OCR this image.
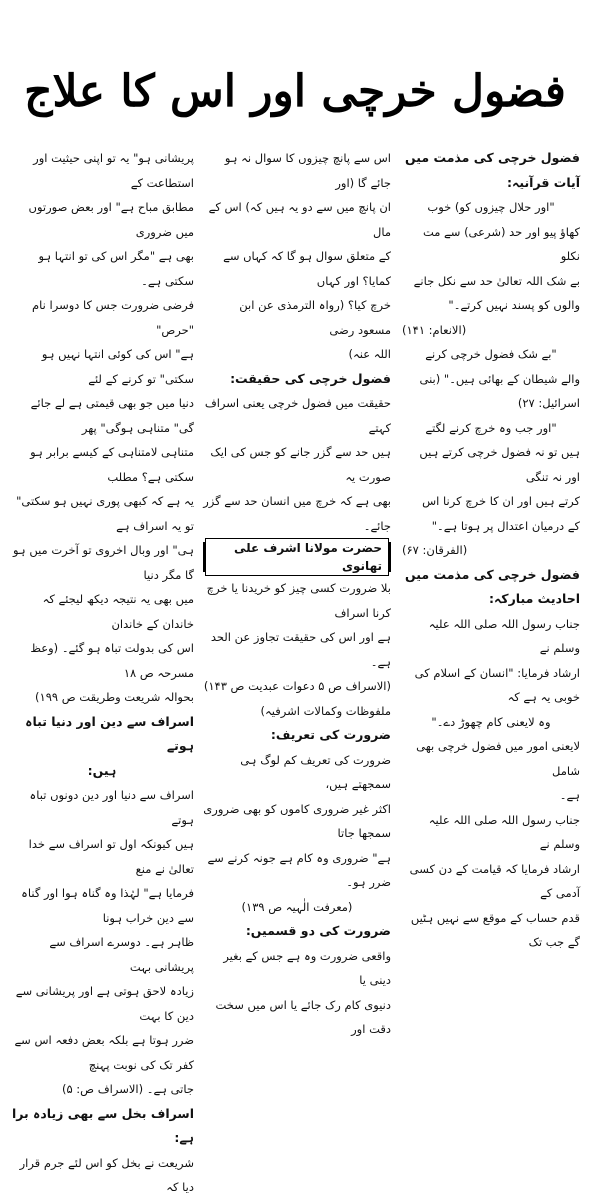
فضول خرچی اور اس کا علاج

فضول خرچی کی مذمت میں آیات قرآنیہ:

"اور حلال چیزوں کو) خوب

کھاؤ پیو اور حد (شرعی) سے مت نکلو

بے شک اللہ تعالیٰ حد سے نکل جانے

والوں کو پسند نہیں کرتے۔"

(الانعام: ۱۴۱)

"بے شک فضول خرچی کرنے

والے شیطان کے بھائی ہیں۔" (بنی

اسرائیل: ۲۷)

"اور جب وہ خرچ کرنے لگتے

ہیں تو نہ فضول خرچی کرتے ہیں اور نہ تنگی

کرتے ہیں اور ان کا خرچ کرنا اس

کے درمیان اعتدال پر ہوتا ہے۔"

(الفرقان: ۶۷)

فضول خرچی کی مذمت میں احادیث مبارکہ:

جناب رسول اللہ صلی اللہ علیہ وسلم نے

ارشاد فرمایا: "انسان کے اسلام کی خوبی یہ ہے کہ

وہ لایعنی کام چھوڑ دے۔"

لایعنی امور میں فضول خرچی بھی شامل

ہے۔

جناب رسول اللہ صلی اللہ علیہ وسلم نے

ارشاد فرمایا کہ قیامت کے دن کسی آدمی کے

قدم حساب کے موقع سے نہیں ہٹیں گے جب تک

اس سے پانچ چیزوں کا سوال نہ ہو جائے گا (اور

ان پانچ میں سے دو یہ ہیں کہ) اس کے مال

کے متعلق سوال ہو گا کہ کہاں سے کمایا؟ اور کہاں

خرچ کیا؟ (رواہ الترمذی عن ابن مسعود رضی

اللہ عنہ)

فضول خرچی کی حقیقت:

حقیقت میں فضول خرچی یعنی اسراف کہتے

ہیں حد سے گزر جانے کو جس کی ایک صورت یہ

بھی ہے کہ خرچ میں انسان حد سے گزر جائے۔

حضرت مولانا اشرف علی تھانوی

بلا ضرورت کسی چیز کو خریدنا یا خرچ کرنا اسراف

ہے اور اس کی حقیقت تجاوز عن الحد ہے۔

(الاسراف ص ۵ دعوات عبدیت ص ۱۴۳)

ملفوظات وکمالات اشرفیہ)

ضرورت کی تعریف:

ضرورت کی تعریف کم لوگ ہی سمجھتے ہیں،

اکثر غیر ضروری کاموں کو بھی ضروری سمجھا جاتا

ہے" ضروری وہ کام ہے جونہ کرنے سے ضرر ہو۔

(معرفت الٰہیہ ص ۱۳۹)

ضرورت کی دو قسمیں:

واقعی ضرورت وہ ہے جس کے بغیر دینی یا

دنیوی کام رک جائے یا اس میں سخت دقت اور

پریشانی ہو" یہ تو اپنی حیثیت اور استطاعت کے

مطابق مباح ہے" اور بعض صورتوں میں ضروری

بھی ہے "مگر اس کی تو انتہا ہو سکتی ہے۔

فرضی ضرورت جس کا دوسرا نام "حرص"

ہے" اس کی کوئی انتہا نہیں ہو سکتی" تو کرنے کے لئے

دنیا میں جو بھی قیمتی ہے لے جائے گی" متناہی ہوگی" پھر

متناہی لامتناہی کے کیسے برابر ہو سکتی ہے؟ مطلب

یہ ہے کہ کبھی پوری نہیں ہو سکتی" تو یہ اسراف ہے

ہی" اور وبال اخروی تو آخرت میں ہو گا مگر دنیا

میں بھی یہ نتیجہ دیکھ لیجئے کہ خاندان کے خاندان

اس کی بدولت تباہ ہو گئے۔ (وعظ مسرحہ ص ۱۸

بحوالہ شریعت وطریقت ص ۱۹۹)

اسراف سے دین اور دنیا تباہ ہوتے

ہیں:

اسراف سے دنیا اور دین دونوں تباہ ہوتے

ہیں کیونکہ اول تو اسراف سے خدا تعالیٰ نے منع

فرمایا ہے" لہٰذا وہ گناہ ہوا اور گناہ سے دین خراب ہونا

ظاہر ہے۔ دوسرے اسراف سے پریشانی بہت

زیادہ لاحق ہوتی ہے اور پریشانی سے دین کا بہت

ضرر ہوتا ہے بلکہ بعض دفعہ اس سے کفر تک کی نوبت پہنچ

جاتی ہے۔ (الاسراف ص: ۵)

اسراف بخل سے بھی زیادہ برا ہے:

شریعت نے بخل کو اس لئے جرم قرار دیا کہ
